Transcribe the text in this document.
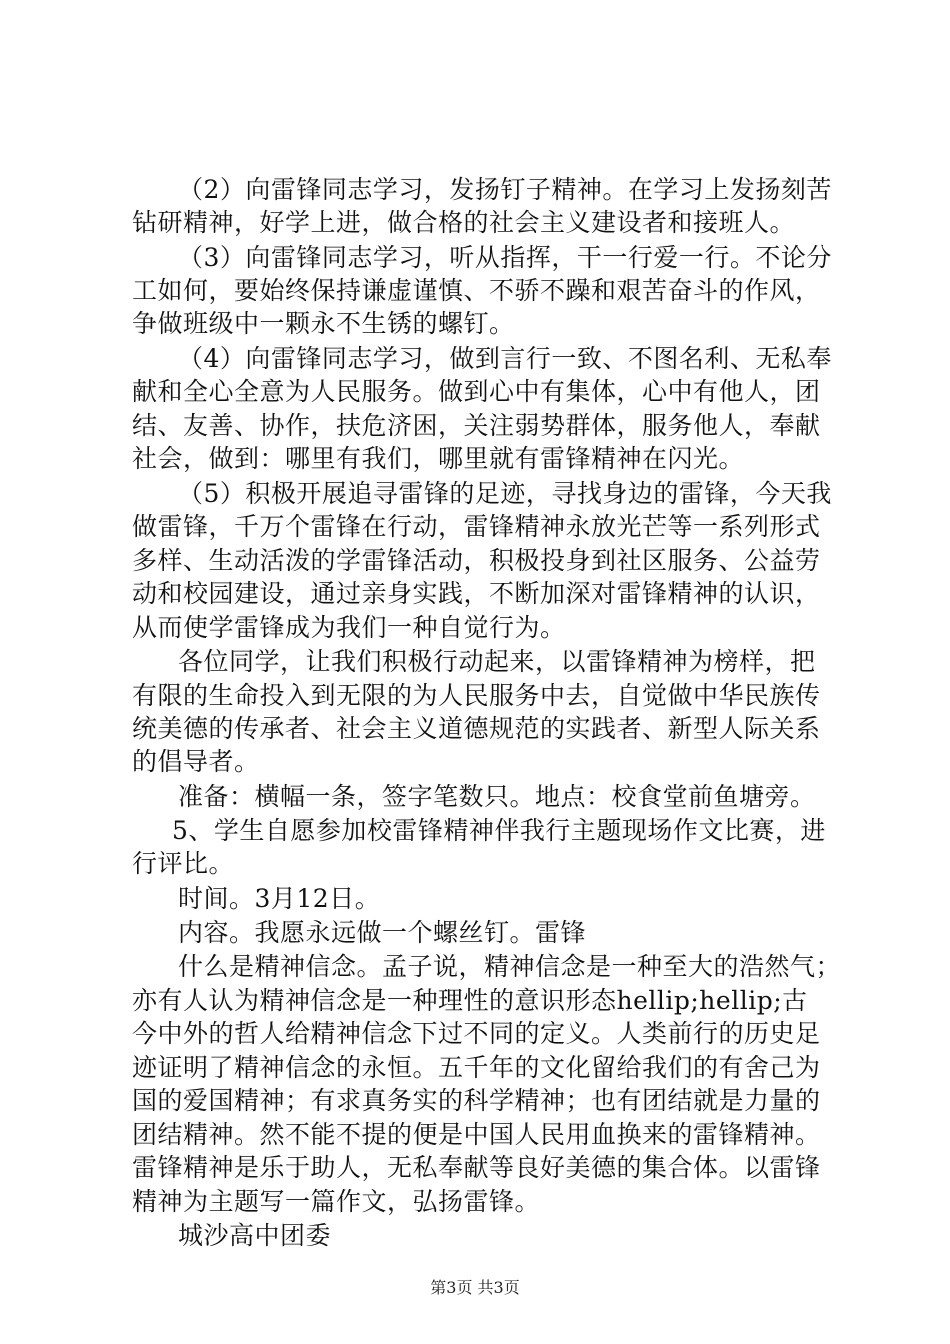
（2）向雷锋同志学习，发扬钉子精神。在学习上发扬刻苦
钻研精神，好学上进，做合格的社会主义建设者和接班人。
（3）向雷锋同志学习，听从指挥，干一行爱一行。不论分
工如何，要始终保持谦虚谨慎、不骄不躁和艰苦奋斗的作风，
争做班级中一颗永不生锈的螺钉。
（4）向雷锋同志学习，做到言行一致、不图名利、无私奉
献和全心全意为人民服务。做到心中有集体，心中有他人，团
结、友善、协作，扶危济困，关注弱势群体，服务他人，奉献
社会，做到：哪里有我们，哪里就有雷锋精神在闪光。
（5）积极开展追寻雷锋的足迹，寻找身边的雷锋，今天我
做雷锋，千万个雷锋在行动，雷锋精神永放光芒等一系列形式
多样、生动活泼的学雷锋活动，积极投身到社区服务、公益劳
动和校园建设，通过亲身实践，不断加深对雷锋精神的认识，
从而使学雷锋成为我们一种自觉行为。
各位同学，让我们积极行动起来，以雷锋精神为榜样，把
有限的生命投入到无限的为人民服务中去，自觉做中华民族传
统美德的传承者、社会主义道德规范的实践者、新型人际关系
的倡导者。
准备：横幅一条，签字笔数只。地点：校食堂前鱼塘旁。
5、学生自愿参加校雷锋精神伴我行主题现场作文比赛，进
行评比。
时间。3月12日。
内容。我愿永远做一个螺丝钉。雷锋
什么是精神信念。孟子说，精神信念是一种至大的浩然气；
亦有人认为精神信念是一种理性的意识形态hellip;hellip;古
今中外的哲人给精神信念下过不同的定义。人类前行的历史足
迹证明了精神信念的永恒。五千年的文化留给我们的有舍己为
国的爱国精神；有求真务实的科学精神；也有团结就是力量的
团结精神。然不能不提的便是中国人民用血换来的雷锋精神。
雷锋精神是乐于助人，无私奉献等良好美德的集合体。以雷锋
精神为主题写一篇作文，弘扬雷锋。
城沙高中团委
第3页 共3页
